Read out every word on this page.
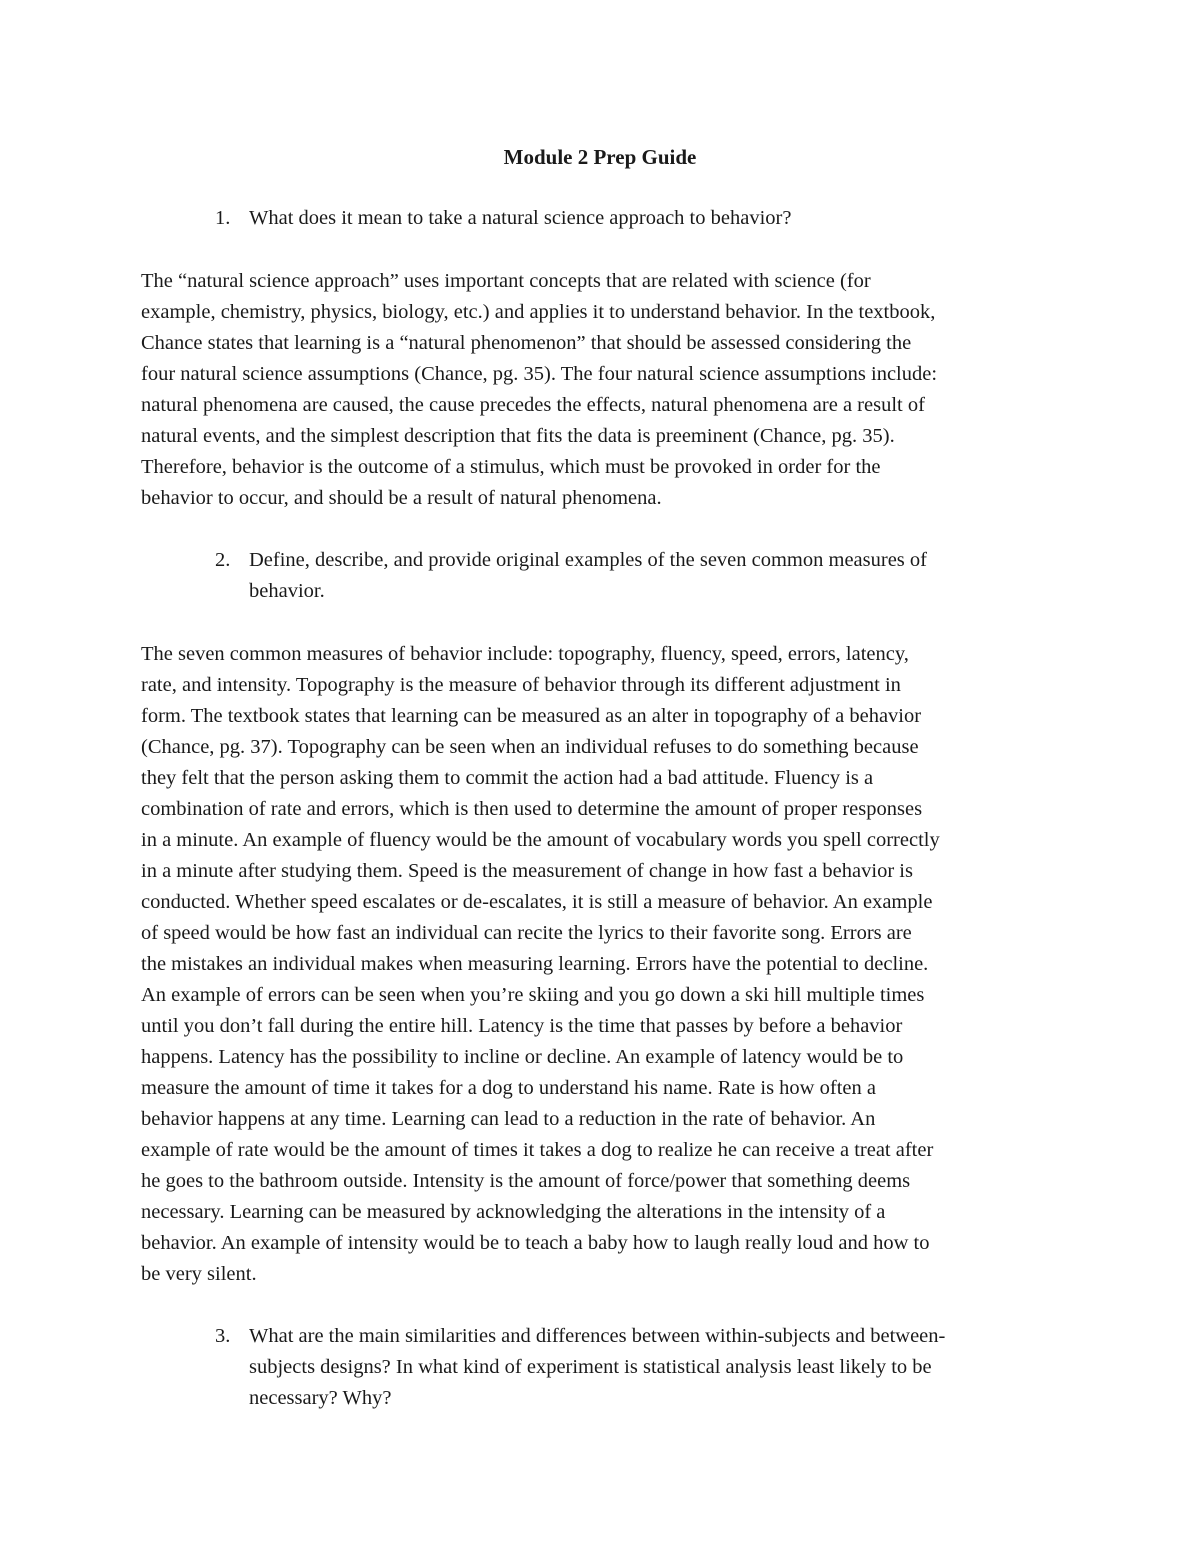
Module 2 Prep Guide
1. What does it mean to take a natural science approach to behavior?
The “natural science approach” uses important concepts that are related with science (for
example, chemistry, physics, biology, etc.) and applies it to understand behavior. In the textbook,
Chance states that learning is a “natural phenomenon” that should be assessed considering the
four natural science assumptions (Chance, pg. 35). The four natural science assumptions include:
natural phenomena are caused, the cause precedes the effects, natural phenomena are a result of
natural events, and the simplest description that fits the data is preeminent (Chance, pg. 35).
Therefore, behavior is the outcome of a stimulus, which must be provoked in order for the
behavior to occur, and should be a result of natural phenomena.
2. Define, describe, and provide original examples of the seven common measures of
behavior.
The seven common measures of behavior include: topography, fluency, speed, errors, latency,
rate, and intensity. Topography is the measure of behavior through its different adjustment in
form. The textbook states that learning can be measured as an alter in topography of a behavior
(Chance, pg. 37). Topography can be seen when an individual refuses to do something because
they felt that the person asking them to commit the action had a bad attitude. Fluency is a
combination of rate and errors, which is then used to determine the amount of proper responses
in a minute. An example of fluency would be the amount of vocabulary words you spell correctly
in a minute after studying them. Speed is the measurement of change in how fast a behavior is
conducted. Whether speed escalates or de-escalates, it is still a measure of behavior. An example
of speed would be how fast an individual can recite the lyrics to their favorite song. Errors are
the mistakes an individual makes when measuring learning. Errors have the potential to decline.
An example of errors can be seen when you’re skiing and you go down a ski hill multiple times
until you don’t fall during the entire hill. Latency is the time that passes by before a behavior
happens. Latency has the possibility to incline or decline. An example of latency would be to
measure the amount of time it takes for a dog to understand his name. Rate is how often a
behavior happens at any time. Learning can lead to a reduction in the rate of behavior. An
example of rate would be the amount of times it takes a dog to realize he can receive a treat after
he goes to the bathroom outside. Intensity is the amount of force/power that something deems
necessary. Learning can be measured by acknowledging the alterations in the intensity of a
behavior. An example of intensity would be to teach a baby how to laugh really loud and how to
be very silent.
3. What are the main similarities and differences between within-subjects and between-
subjects designs? In what kind of experiment is statistical analysis least likely to be
necessary? Why?
